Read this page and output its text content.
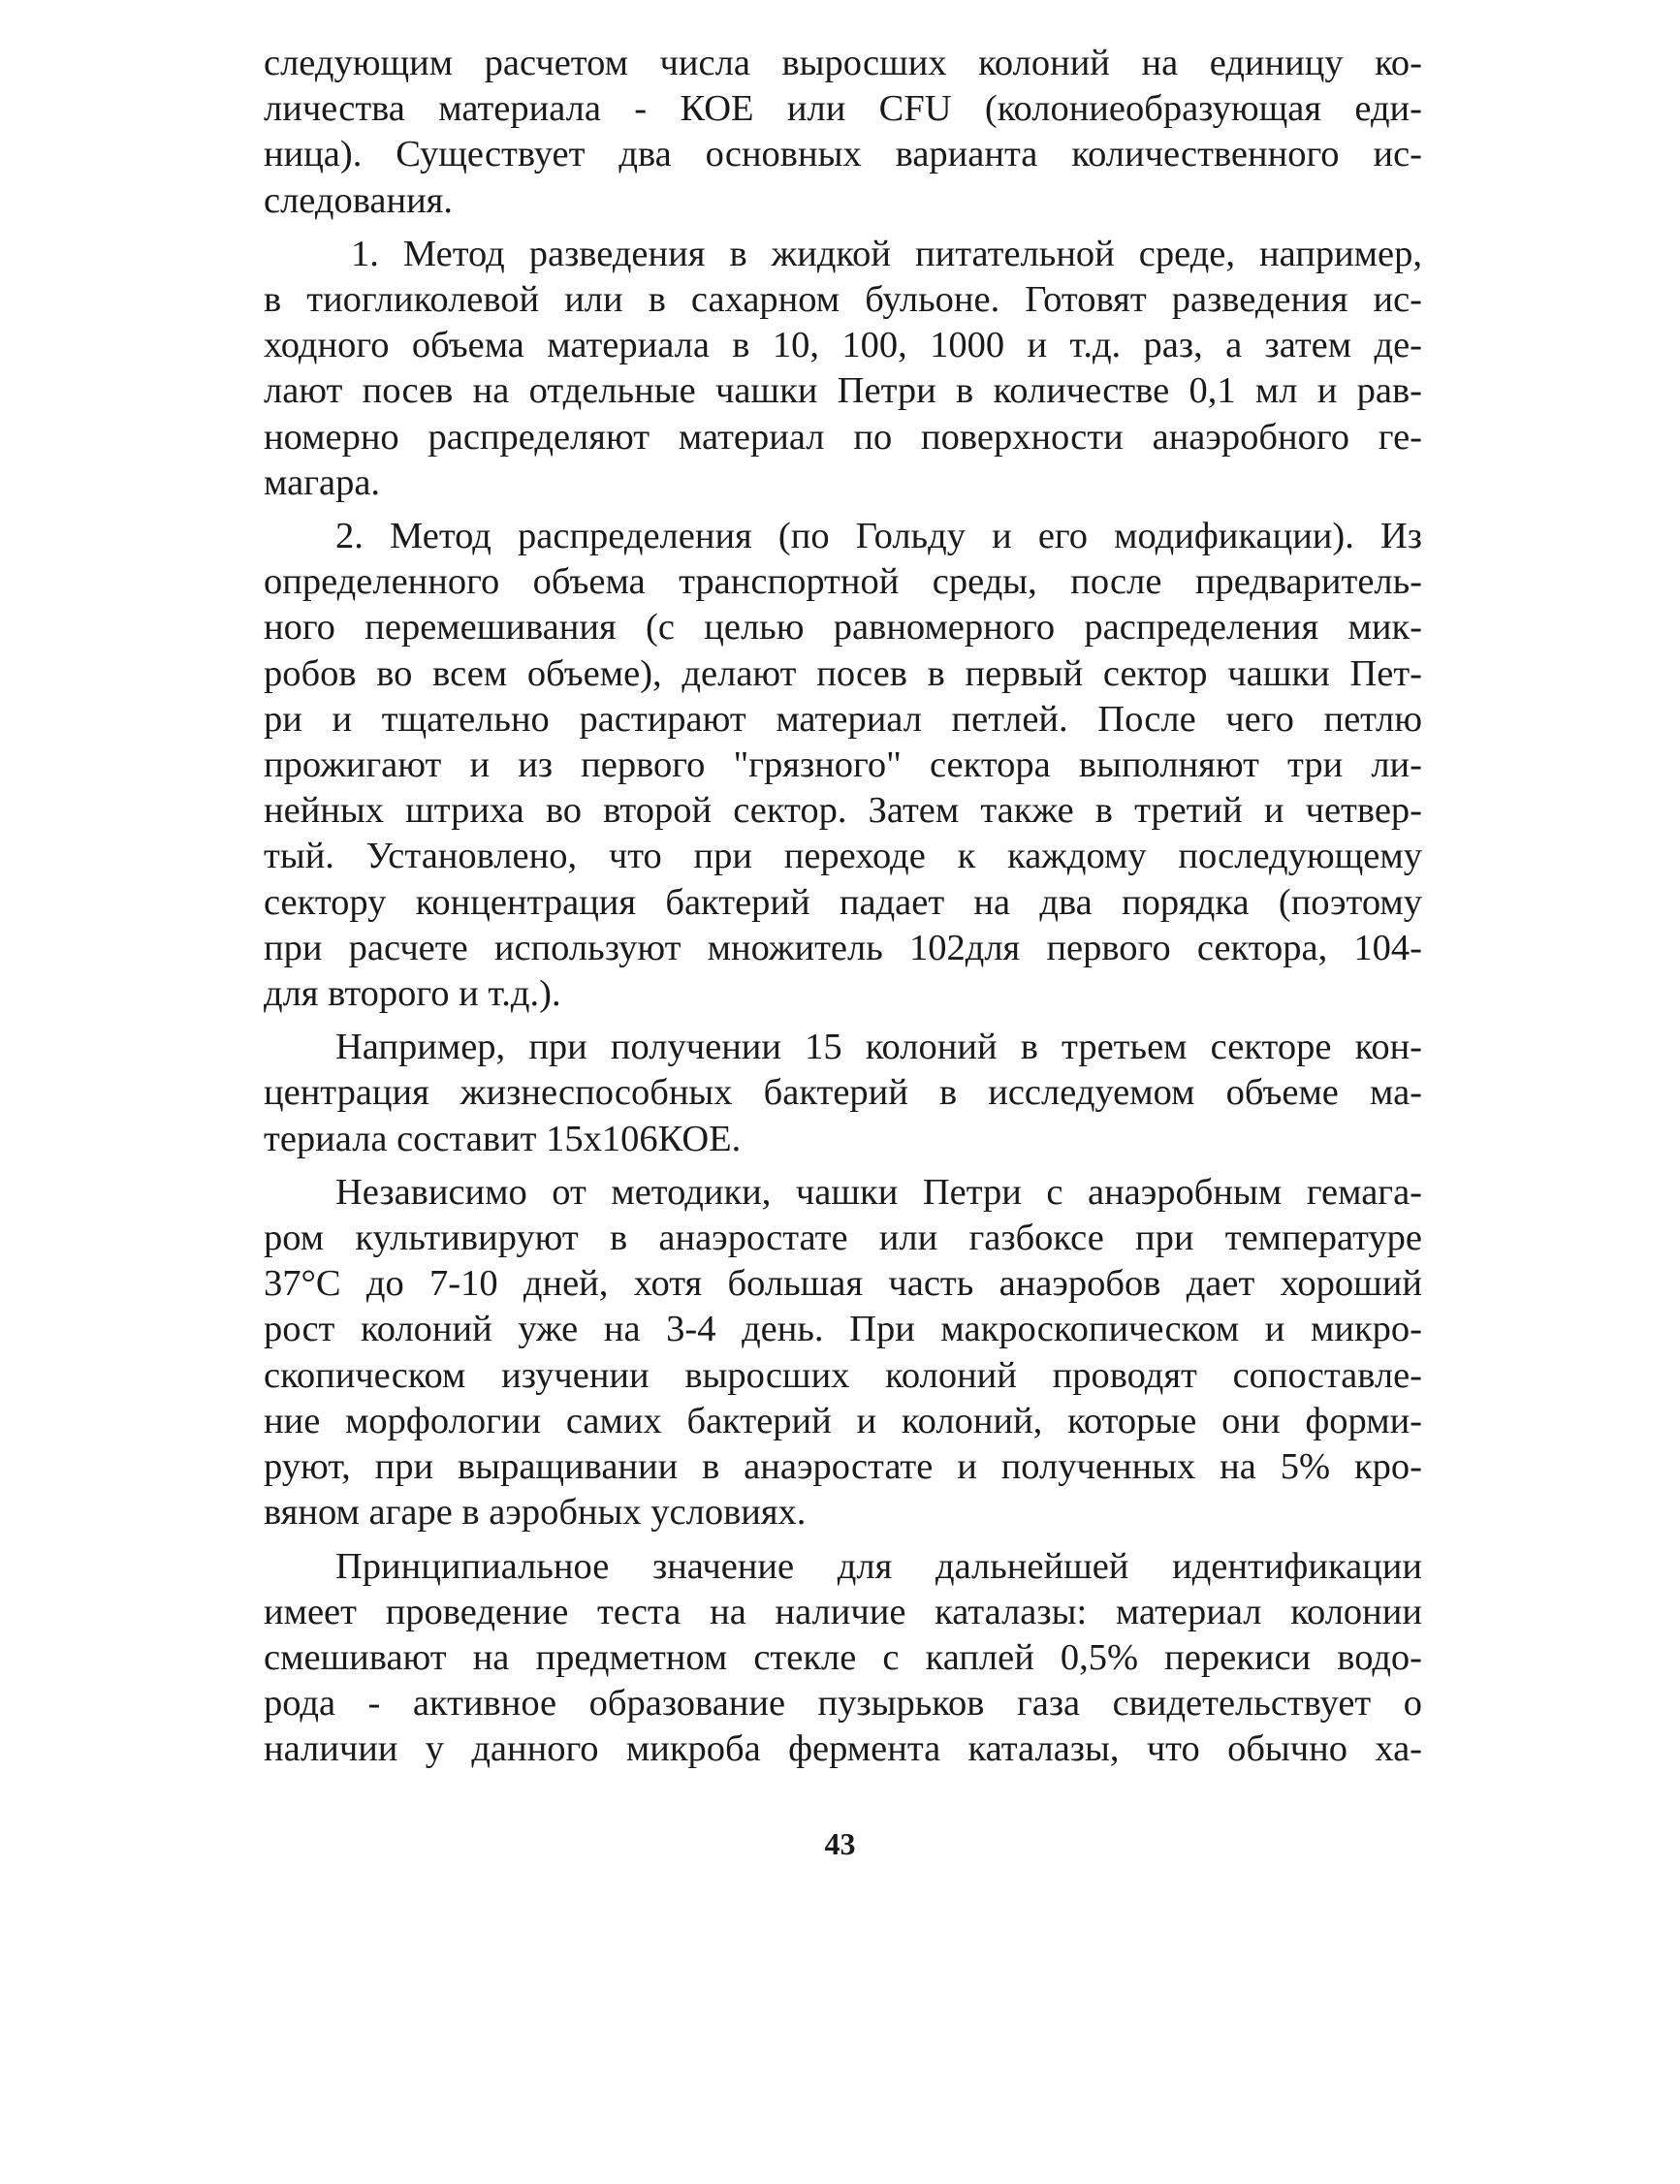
следующим расчетом числа выросших колоний на единицу ко-
личества материала - КОЕ или CFU (колониеобразующая еди-
ница). Существует два основных варианта количественного ис-
следования.
1. Метод разведения в жидкой питательной среде, например,
в тиогликолевой или в сахарном бульоне. Готовят разведения ис-
ходного объема материала в 10, 100, 1000 и т.д. раз, а затем де-
лают посев на отдельные чашки Петри в количестве 0,1 мл и рав-
номерно распределяют материал по поверхности анаэробного ге-
магара.
2. Метод распределения (по Гольду и его модификации). Из
определенного объема транспортной среды, после предваритель-
ного перемешивания (с целью равномерного распределения мик-
робов во всем объеме), делают посев в первый сектор чашки Пет-
ри и тщательно растирают материал петлей. После чего петлю
прожигают и из первого "грязного" сектора выполняют три ли-
нейных штриха во второй сектор. Затем также в третий и четвер-
тый. Установлено, что при переходе к каждому последующему
сектору концентрация бактерий падает на два порядка (поэтому
при расчете используют множитель 102для первого сектора, 104-
для второго и т.д.).
Например, при получении 15 колоний в третьем секторе кон-
центрация жизнеспособных бактерий в исследуемом объеме ма-
териала составит 15х106КОЕ.
Независимо от методики, чашки Петри с анаэробным гемага-
ром культивируют в анаэростате или газбоксе при температуре
37°С до 7-10 дней, хотя большая часть анаэробов дает хороший
рост колоний уже на 3-4 день. При макроскопическом и микро-
скопическом изучении выросших колоний проводят сопоставле-
ние морфологии самих бактерий и колоний, которые они форми-
руют, при выращивании в анаэростате и полученных на 5% кро-
вяном агаре в аэробных условиях.
Принципиальное значение для дальнейшей идентификации
имеет проведение теста на наличие каталазы: материал колонии
смешивают на предметном стекле с каплей 0,5% перекиси водо-
рода - активное образование пузырьков газа свидетельствует о
наличии у данного микроба фермента каталазы, что обычно ха-
43
